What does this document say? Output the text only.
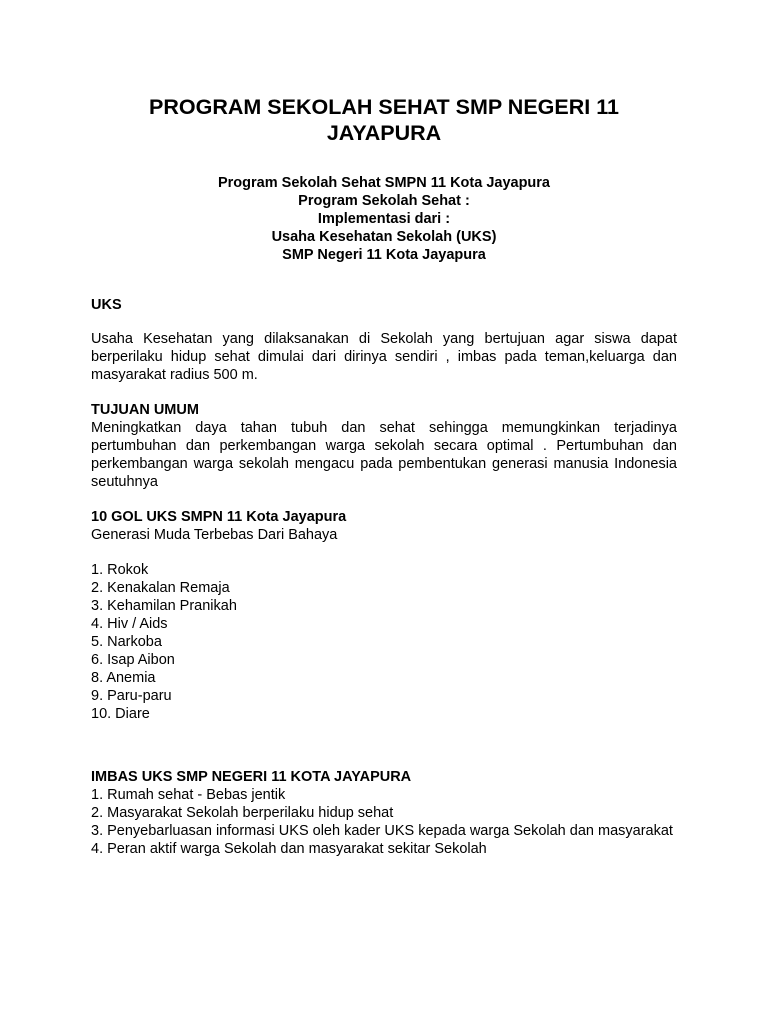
PROGRAM SEKOLAH SEHAT SMP NEGERI 11 JAYAPURA
Program Sekolah Sehat SMPN 11 Kota Jayapura
Program Sekolah Sehat :
Implementasi dari :
Usaha Kesehatan Sekolah (UKS)
SMP Negeri 11 Kota Jayapura
UKS

Usaha Kesehatan yang dilaksanakan di Sekolah yang bertujuan agar siswa dapat berperilaku hidup sehat dimulai dari dirinya sendiri , imbas pada teman,keluarga dan masyarakat radius 500 m.

TUJUAN UMUM

Meningkatkan daya tahan tubuh dan sehat sehingga memungkinkan terjadinya pertumbuhan dan perkembangan warga sekolah secara optimal . Pertumbuhan dan perkembangan warga sekolah mengacu pada pembentukan generasi manusia Indonesia seutuhnya

10 GOL UKS SMPN 11 Kota Jayapura
Generasi Muda Terbebas Dari Bahaya
1. Rokok
2. Kenakalan Remaja
3. Kehamilan Pranikah
4. Hiv / Aids
5. Narkoba
6. Isap Aibon
8. Anemia
9. Paru-paru
10. Diare
IMBAS UKS SMP NEGERI 11 KOTA JAYAPURA
1. Rumah sehat - Bebas jentik
2. Masyarakat Sekolah berperilaku hidup sehat
3. Penyebarluasan informasi UKS oleh kader UKS kepada warga Sekolah dan masyarakat
4. Peran aktif warga Sekolah dan masyarakat sekitar Sekolah
